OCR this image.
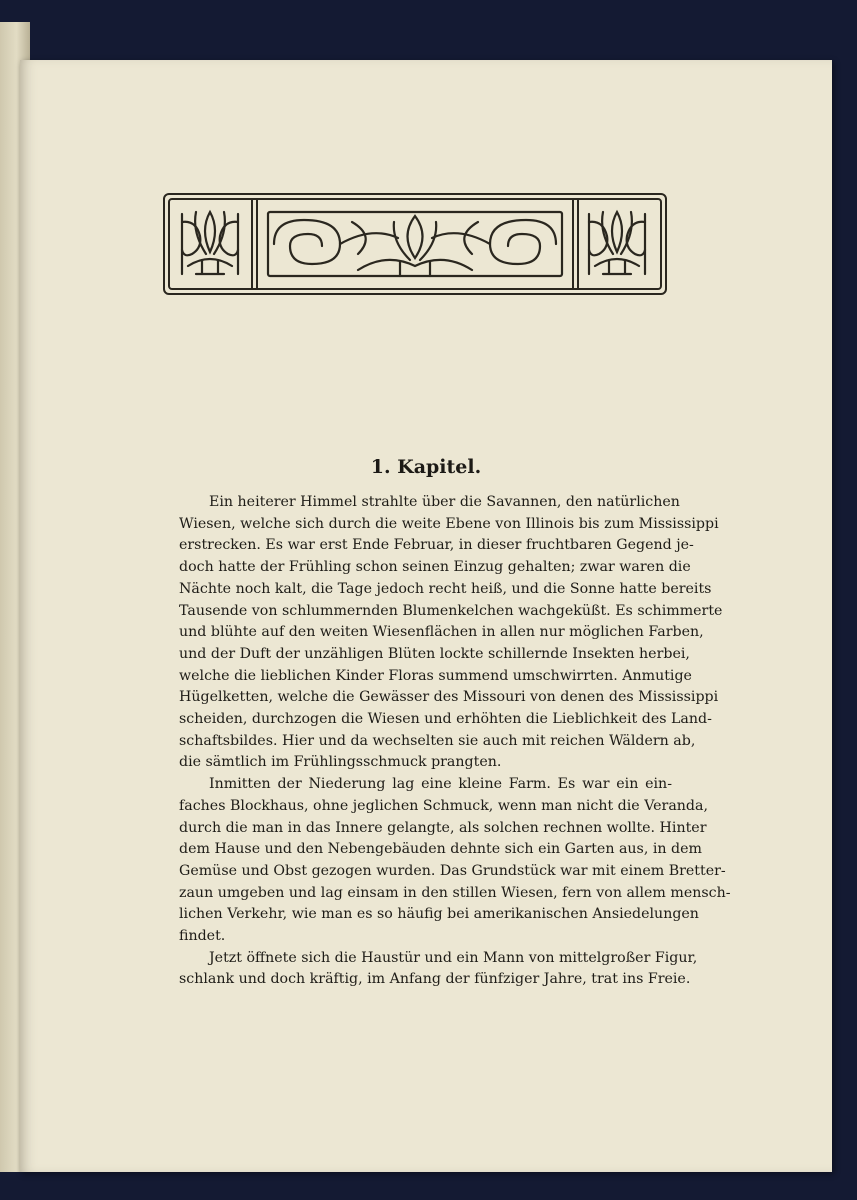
1. Kapitel.
Ein heiterer Himmel strahlte über die Savannen, den natürlichen
Wiesen, welche sich durch die weite Ebene von Illinois bis zum Mississippi
erstrecken. Es war erst Ende Februar, in dieser fruchtbaren Gegend je-
doch hatte der Frühling schon seinen Einzug gehalten; zwar waren die
Nächte noch kalt, die Tage jedoch recht heiß, und die Sonne hatte bereits
Tausende von schlummernden Blumenkelchen wachgeküßt. Es schimmerte
und blühte auf den weiten Wiesenflächen in allen nur möglichen Farben,
und der Duft der unzähligen Blüten lockte schillernde Insekten herbei,
welche die lieblichen Kinder Floras summend umschwirrten. Anmutige
Hügelketten, welche die Gewässer des Missouri von denen des Mississippi
scheiden, durchzogen die Wiesen und erhöhten die Lieblichkeit des Land-
schaftsbildes. Hier und da wechselten sie auch mit reichen Wäldern ab,
die sämtlich im Frühlingsschmuck prangten.
Inmitten der Niederung lag eine kleine Farm. Es war ein ein-
faches Blockhaus, ohne jeglichen Schmuck, wenn man nicht die Veranda,
durch die man in das Innere gelangte, als solchen rechnen wollte. Hinter
dem Hause und den Nebengebäuden dehnte sich ein Garten aus, in dem
Gemüse und Obst gezogen wurden. Das Grundstück war mit einem Bretter-
zaun umgeben und lag einsam in den stillen Wiesen, fern von allem mensch-
lichen Verkehr, wie man es so häufig bei amerikanischen Ansiedelungen
findet.
Jetzt öffnete sich die Haustür und ein Mann von mittelgroßer Figur,
schlank und doch kräftig, im Anfang der fünfziger Jahre, trat ins Freie.
